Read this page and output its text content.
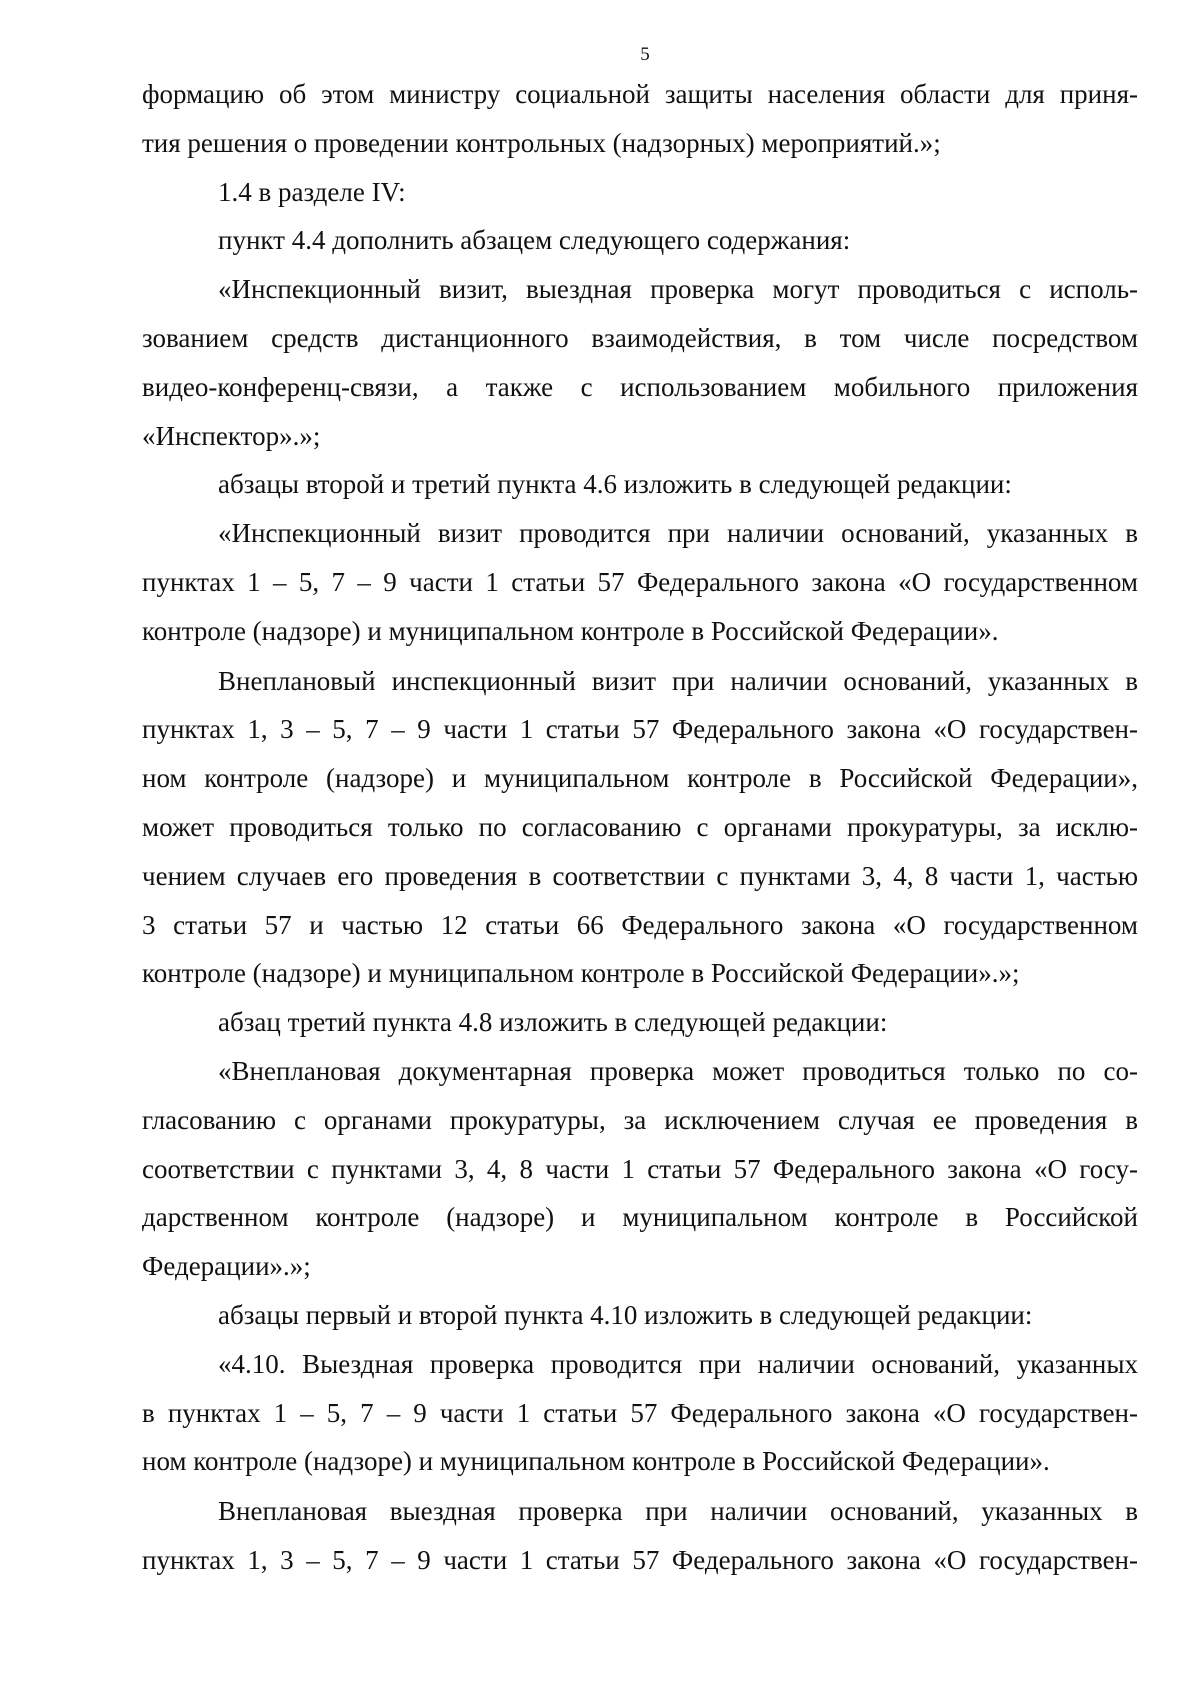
5
формацию об этом министру социальной защиты населения области для приня-
тия решения о проведении контрольных (надзорных) мероприятий.»;
1.4 в разделе IV:
пункт 4.4 дополнить абзацем следующего содержания:
«Инспекционный визит, выездная проверка могут проводиться с исполь-
зованием средств дистанционного взаимодействия, в том числе посредством
видео-конференц-связи, а также с использованием мобильного приложения
«Инспектор».»;
абзацы второй и третий пункта 4.6 изложить в следующей редакции:
«Инспекционный визит проводится при наличии оснований, указанных в
пунктах 1 – 5, 7 – 9 части 1 статьи 57 Федерального закона «О государственном
контроле (надзоре) и муниципальном контроле в Российской Федерации».
Внеплановый инспекционный визит при наличии оснований, указанных в
пунктах 1, 3 – 5, 7 – 9 части 1 статьи 57 Федерального закона «О государствен-
ном контроле (надзоре) и муниципальном контроле в Российской Федерации»,
может проводиться только по согласованию с органами прокуратуры, за исклю-
чением случаев его проведения в соответствии с пунктами 3, 4, 8 части 1, частью
3 статьи 57 и частью 12 статьи 66 Федерального закона «О государственном
контроле (надзоре) и муниципальном контроле в Российской Федерации».»;
абзац третий пункта 4.8 изложить в следующей редакции:
«Внеплановая документарная проверка может проводиться только по со-
гласованию с органами прокуратуры, за исключением случая ее проведения в
соответствии с пунктами 3, 4, 8 части 1 статьи 57 Федерального закона «О госу-
дарственном контроле (надзоре) и муниципальном контроле в Российской
Федерации».»;
абзацы первый и второй пункта 4.10 изложить в следующей редакции:
«4.10. Выездная проверка проводится при наличии оснований, указанных
в пунктах 1 – 5, 7 – 9 части 1 статьи 57 Федерального закона «О государствен-
ном контроле (надзоре) и муниципальном контроле в Российской Федерации».
Внеплановая выездная проверка при наличии оснований, указанных в
пунктах 1, 3 – 5, 7 – 9 части 1 статьи 57 Федерального закона «О государствен-
